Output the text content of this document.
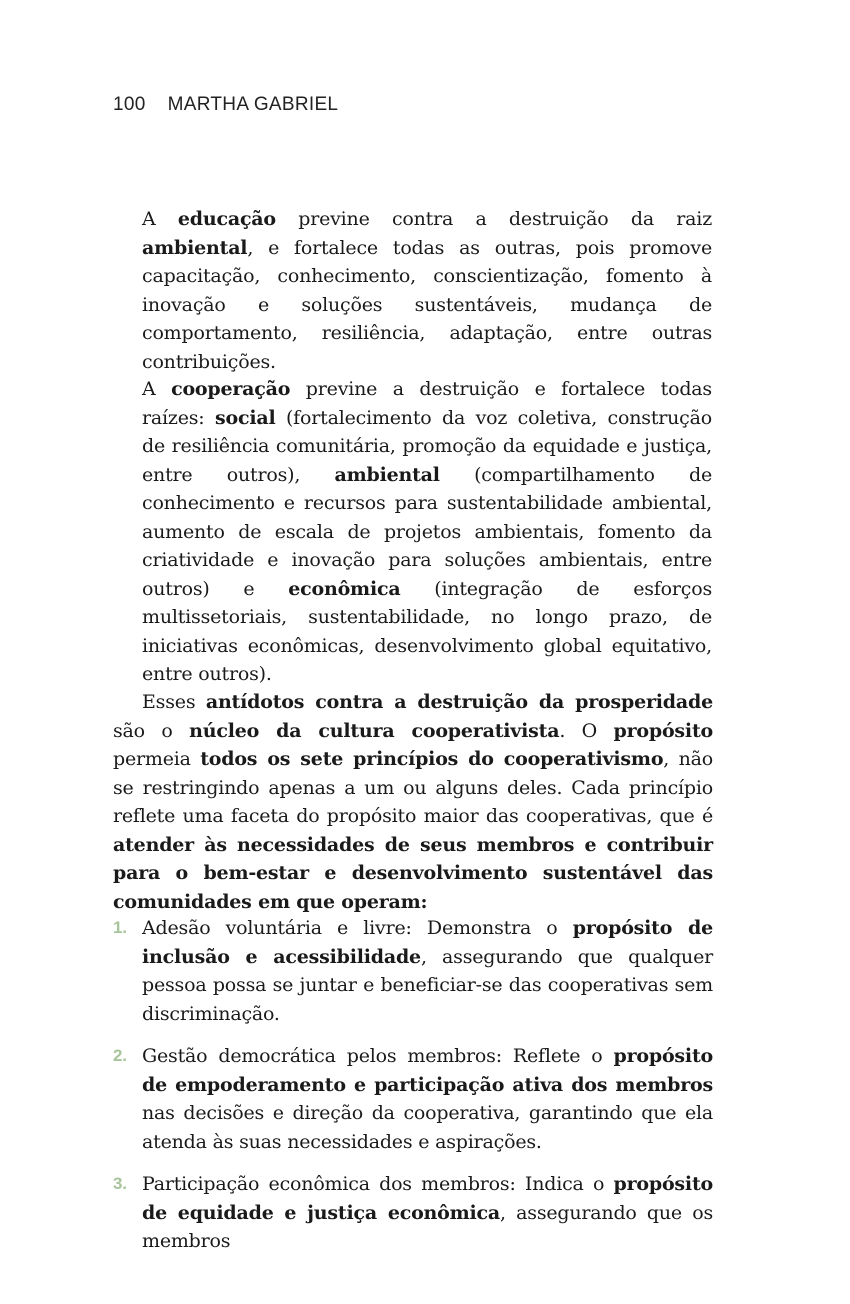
100 MARTHA GABRIEL

A educação previne contra a destruição da raiz ambiental, e fortalece todas as outras, pois promove capacitação, conhecimento, conscientização, fomento à inovação e soluções sustentáveis, mudança de comportamento, resiliência, adaptação, entre outras contribuições.

A cooperação previne a destruição e fortalece todas raízes: social (fortalecimento da voz coletiva, construção de resiliência comunitária, promoção da equidade e justiça, entre outros), ambiental (compartilhamento de conhecimento e recursos para sustentabilidade ambiental, aumento de escala de projetos ambientais, fomento da criatividade e inovação para soluções ambientais, entre outros) e econômica (integração de esforços multissetoriais, sustentabilidade, no longo prazo, de iniciativas econômicas, desenvolvimento global equitativo, entre outros).

Esses antídotos contra a destruição da prosperidade são o núcleo da cultura cooperativista. O propósito permeia todos os sete princípios do cooperativismo, não se restringindo apenas a um ou alguns deles. Cada princípio reflete uma faceta do propósito maior das cooperativas, que é atender às necessidades de seus membros e contribuir para o bem-estar e desenvolvimento sustentável das comunidades em que operam:

1. Adesão voluntária e livre: Demonstra o propósito de inclusão e acessibilidade, assegurando que qualquer pessoa possa se juntar e beneficiar-se das cooperativas sem discriminação.
2. Gestão democrática pelos membros: Reflete o propósito de empoderamento e participação ativa dos membros nas decisões e direção da cooperativa, garantindo que ela atenda às suas necessidades e aspirações.
3. Participação econômica dos membros: Indica o propósito de equidade e justiça econômica, assegurando que os membros
